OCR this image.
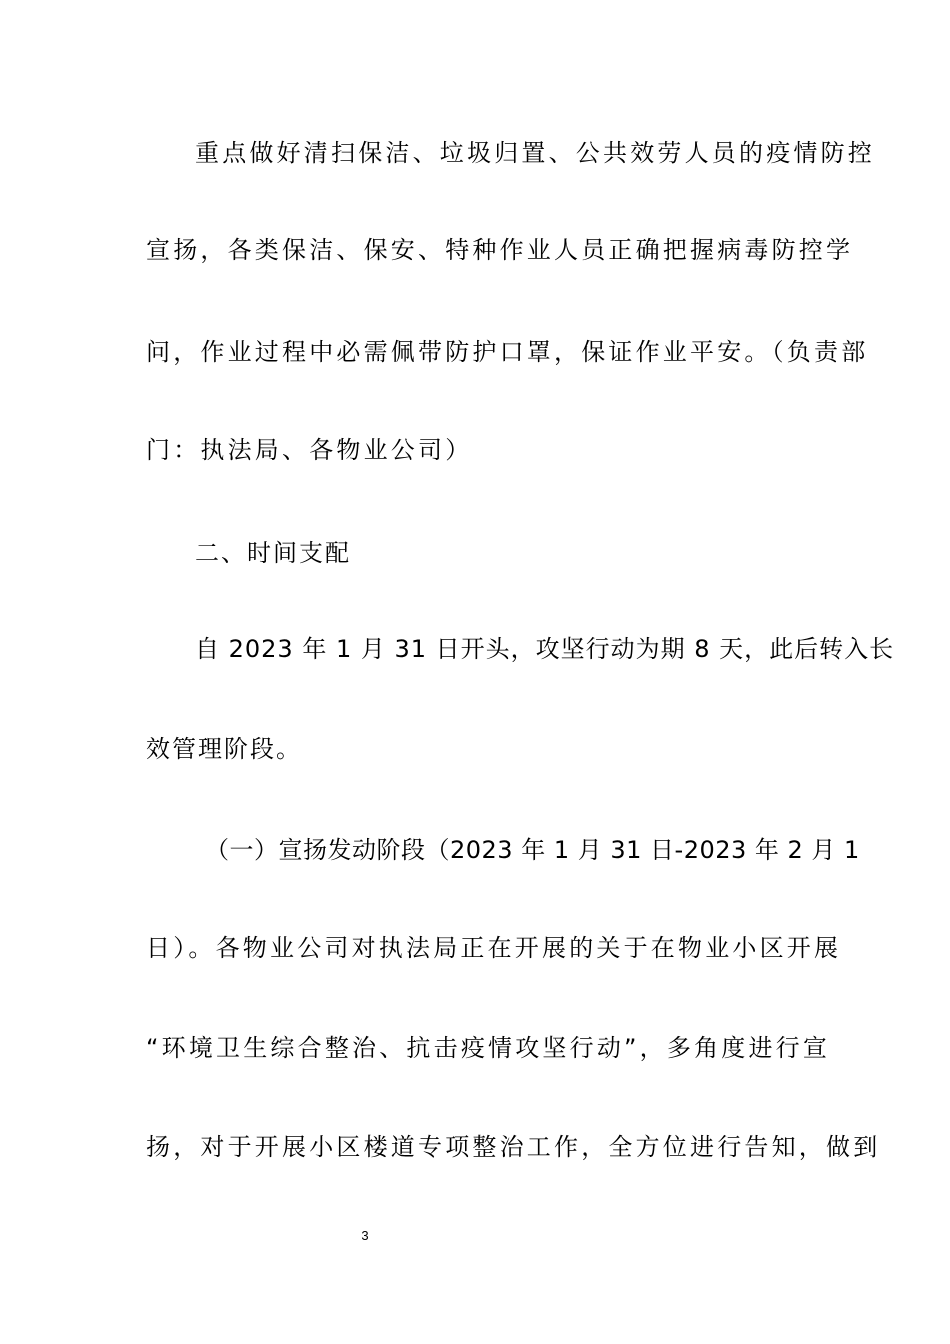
重点做好清扫保洁、垃圾归置、公共效劳人员的疫情防控
宣扬，各类保洁、保安、特种作业人员正确把握病毒防控学
问，作业过程中必需佩带防护口罩，保证作业平安。（负责部
门：执法局、各物业公司）
二、时间支配
自 2023 年 1 月 31 日开头，攻坚行动为期 8 天，此后转入长
效管理阶段。
（一）宣扬发动阶段（2023 年 1 月 31 日-2023 年 2 月 1
日）。各物业公司对执法局正在开展的关于在物业小区开展
“环境卫生综合整治、抗击疫情攻坚行动”，多角度进行宣
扬，对于开展小区楼道专项整治工作，全方位进行告知，做到
3
